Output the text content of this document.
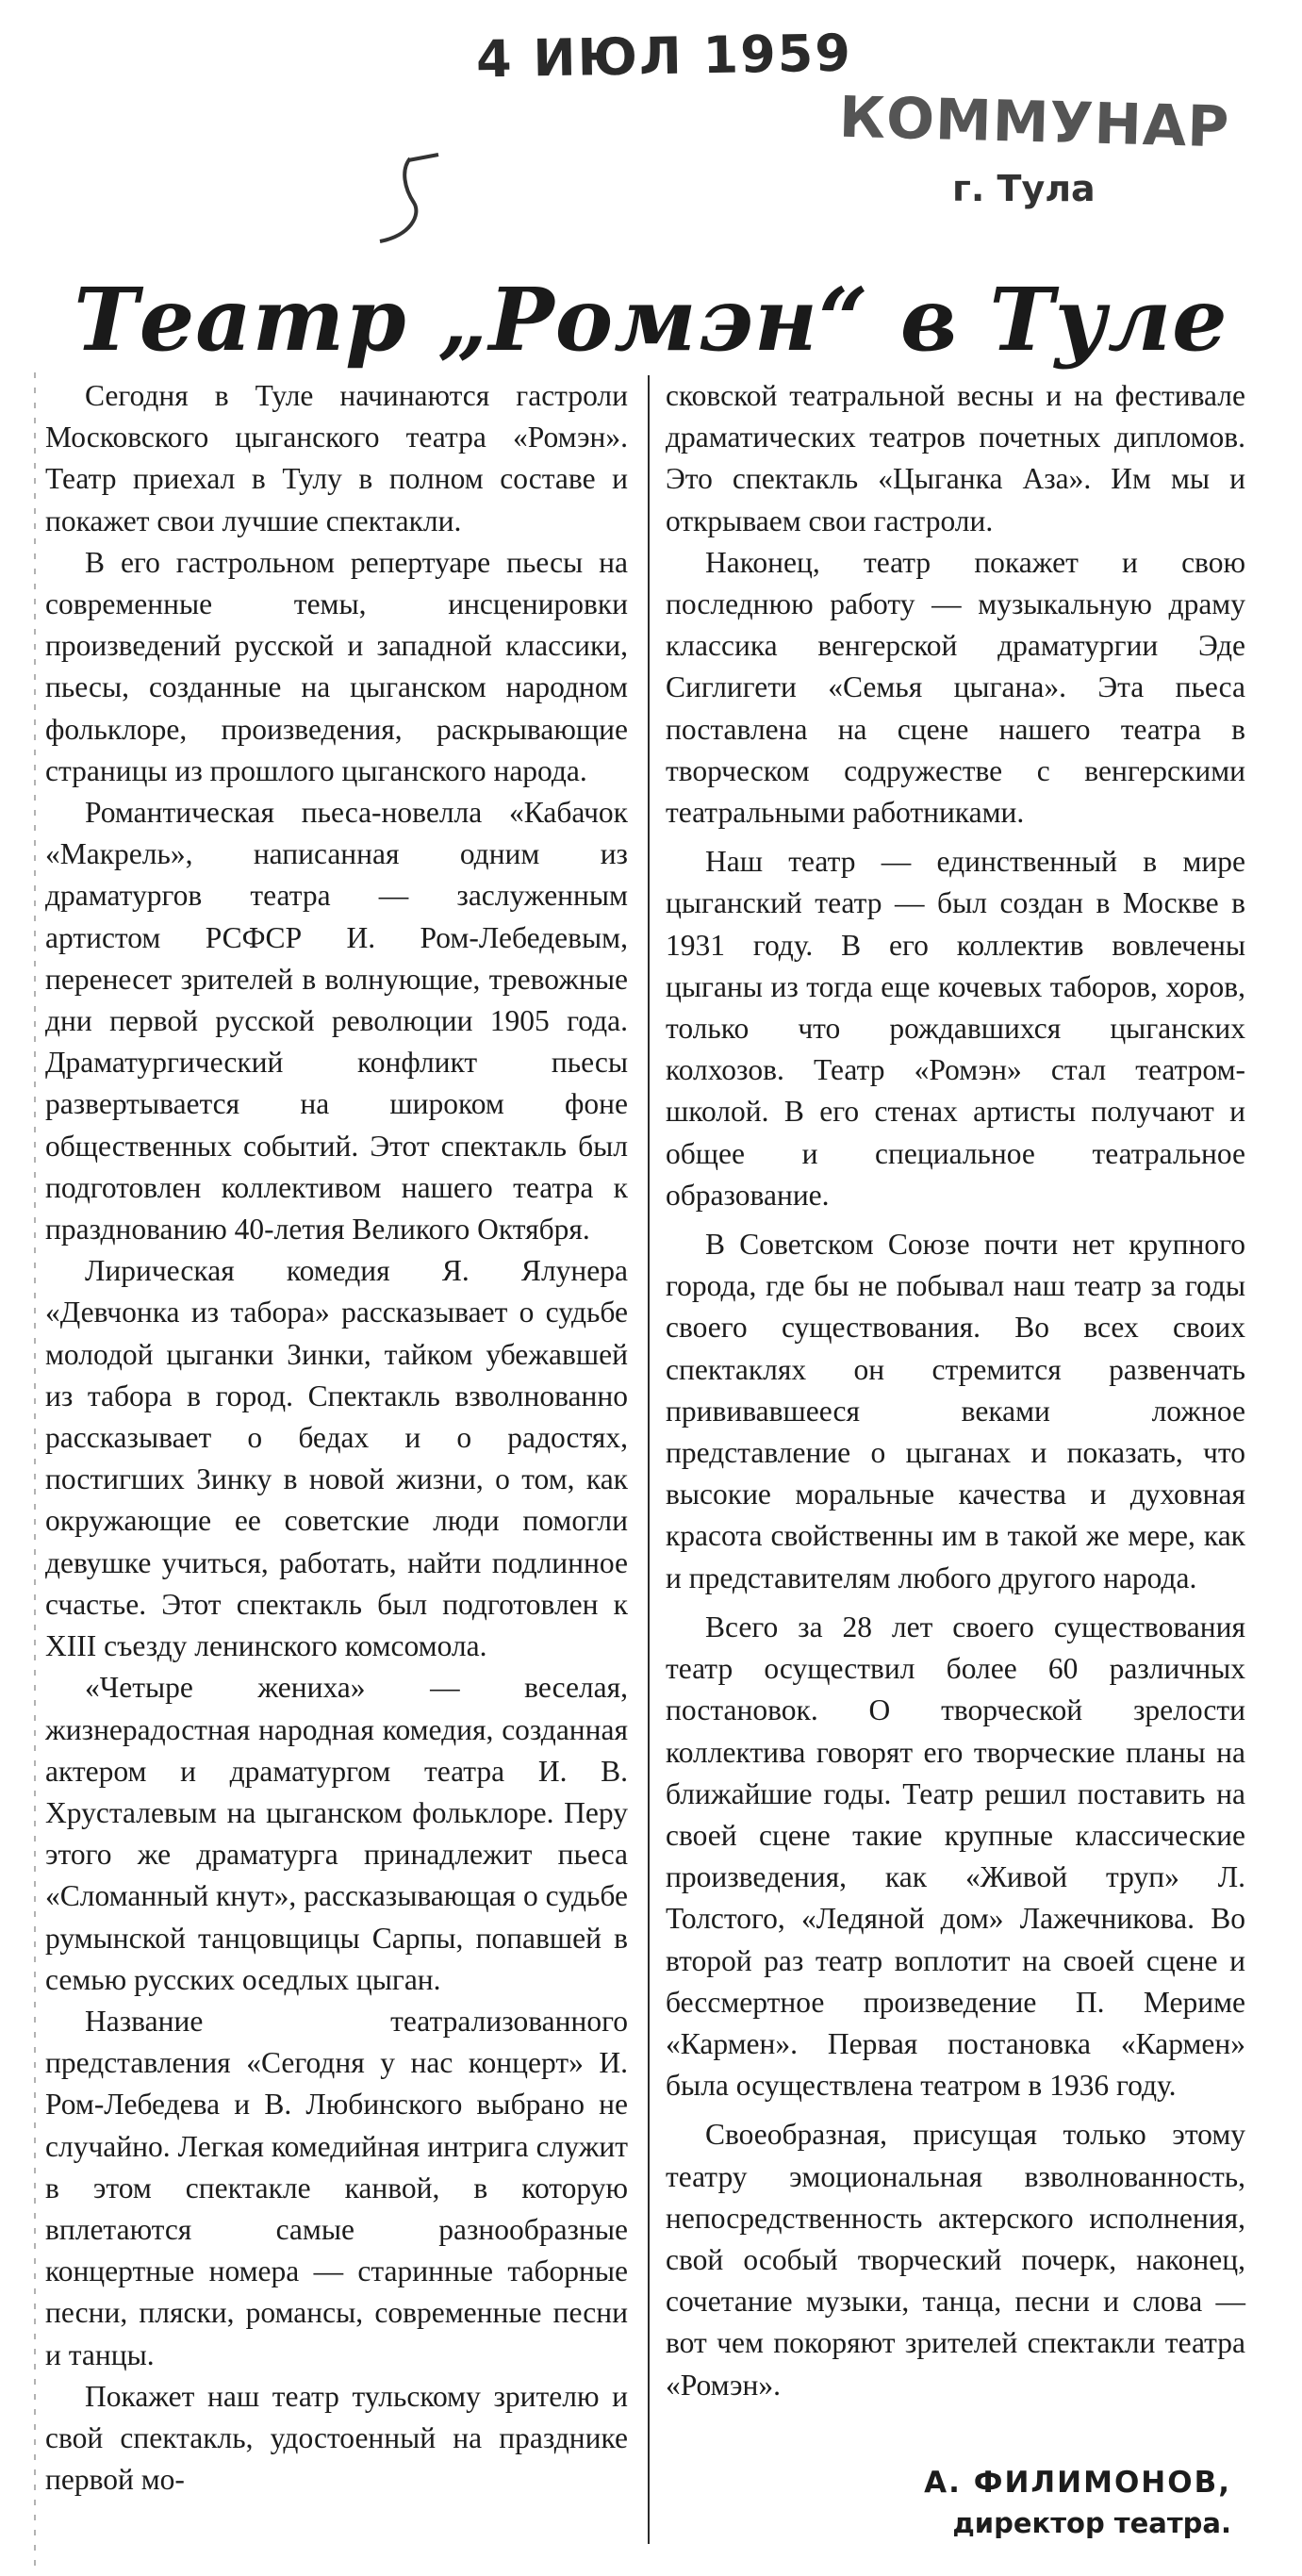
4 ИЮЛ 1959
КОММУНАР
г. Тула
Театр „Ромэн“ в Туле

Сегодня в Туле начинаются гастроли Московского цыганского театра «Ромэн». Театр приехал в Тулу в полном составе и покажет свои лучшие спектакли.

В его гастрольном репертуаре пьесы на современные темы, инсценировки произведений русской и западной классики, пьесы, созданные на цыганском народном фольклоре, произведения, раскрывающие страницы из прошлого цыганского народа.

Романтическая пьеса-новелла «Кабачок «Макрель», написанная одним из драматургов театра — заслуженным артистом РСФСР И. Ром-Лебедевым, перенесет зрителей в волнующие, тревожные дни первой русской революции 1905 года. Драматургический конфликт пьесы развертывается на широком фоне общественных событий. Этот спектакль был подготовлен коллективом нашего театра к празднованию 40-летия Великого Октября.

Лирическая комедия Я. Ялунера «Девчонка из табора» рассказывает о судьбе молодой цыганки Зинки, тайком убежавшей из табора в город. Спектакль взволнованно рассказывает о бедах и о радостях, постигших Зинку в новой жизни, о том, как окружающие ее советские люди помогли девушке учиться, работать, найти подлинное счастье. Этот спектакль был подготовлен к XIII съезду ленинского комсомола.

«Четыре жениха» — веселая, жизнерадостная народная комедия, созданная актером и драматургом театра И. В. Хрусталевым на цыганском фольклоре. Перу этого же драматурга принадлежит пьеса «Сломанный кнут», рассказывающая о судьбе румынской танцовщицы Сарпы, попавшей в семью русских оседлых цыган.

Название театрализованного представления «Сегодня у нас концерт» И. Ром-Лебедева и В. Любинского выбрано не случайно. Легкая комедийная интрига служит в этом спектакле канвой, в которую вплетаются самые разнообразные концертные номера — старинные таборные песни, пляски, романсы, современные песни и танцы.

Покажет наш театр тульскому зрителю и свой спектакль, удостоенный на празднике первой мо-

сковской театральной весны и на фестивале драматических театров почетных дипломов. Это спектакль «Цыганка Аза». Им мы и открываем свои гастроли.

Наконец, театр покажет и свою последнюю работу — музыкальную драму классика венгерской драматургии Эде Сиглигети «Семья цыгана». Эта пьеса поставлена на сцене нашего театра в творческом содружестве с венгерскими театральными работниками.

Наш театр — единственный в мире цыганский театр — был создан в Москве в 1931 году. В его коллектив вовлечены цыганы из тогда еще кочевых таборов, хоров, только что рождавшихся цыганских колхозов. Театр «Ромэн» стал театром-школой. В его стенах артисты получают и общее и специальное театральное образование.

В Советском Союзе почти нет крупного города, где бы не побывал наш театр за годы своего существования. Во всех своих спектаклях он стремится развенчать прививавшееся веками ложное представление о цыганах и показать, что высокие моральные качества и духовная красота свойственны им в такой же мере, как и представителям любого другого народа.

Всего за 28 лет своего существования театр осуществил более 60 различных постановок. О творческой зрелости коллектива говорят его творческие планы на ближайшие годы. Театр решил поставить на своей сцене такие крупные классические произведения, как «Живой труп» Л. Толстого, «Ледяной дом» Лажечникова. Во второй раз театр воплотит на своей сцене и бессмертное произведение П. Мериме «Кармен». Первая постановка «Кармен» была осуществлена театром в 1936 году.

Своеобразная, присущая только этому театру эмоциональная взволнованность, непосредственность актерского исполнения, свой особый творческий почерк, наконец, сочетание музыки, танца, песни и слова — вот чем покоряют зрителей спектакли театра «Ромэн».

А. ФИЛИМОНОВ,
директор театра.
